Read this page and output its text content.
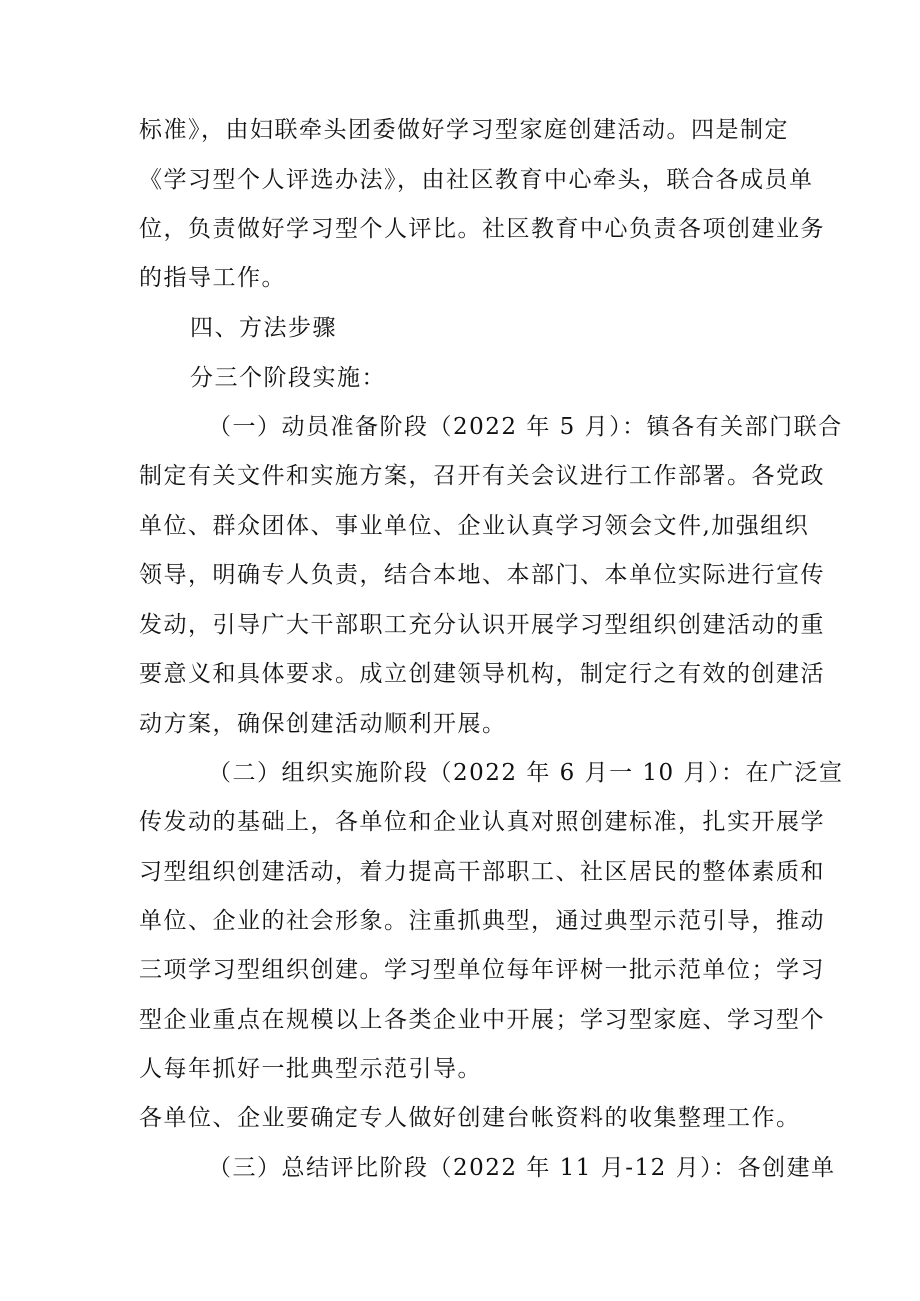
标准》，由妇联牵头团委做好学习型家庭创建活动。四是制定
《学习型个人评选办法》，由社区教育中心牵头，联合各成员单
位，负责做好学习型个人评比。社区教育中心负责各项创建业务
的指导工作。
四、方法步骤
分三个阶段实施：
（一）动员准备阶段（2022 年 5 月）：镇各有关部门联合
制定有关文件和实施方案，召开有关会议进行工作部署。各党政
单位、群众团体、事业单位、企业认真学习领会文件,加强组织
领导，明确专人负责，结合本地、本部门、本单位实际进行宣传
发动，引导广大干部职工充分认识开展学习型组织创建活动的重
要意义和具体要求。成立创建领导机构，制定行之有效的创建活
动方案，确保创建活动顺利开展。
（二）组织实施阶段（2022 年 6 月一 10 月）：在广泛宣
传发动的基础上，各单位和企业认真对照创建标准，扎实开展学
习型组织创建活动，着力提高干部职工、社区居民的整体素质和
单位、企业的社会形象。注重抓典型，通过典型示范引导，推动
三项学习型组织创建。学习型单位每年评树一批示范单位；学习
型企业重点在规模以上各类企业中开展；学习型家庭、学习型个
人每年抓好一批典型示范引导。
各单位、企业要确定专人做好创建台帐资料的收集整理工作。
（三）总结评比阶段（2022 年 11 月-12 月）：各创建单
